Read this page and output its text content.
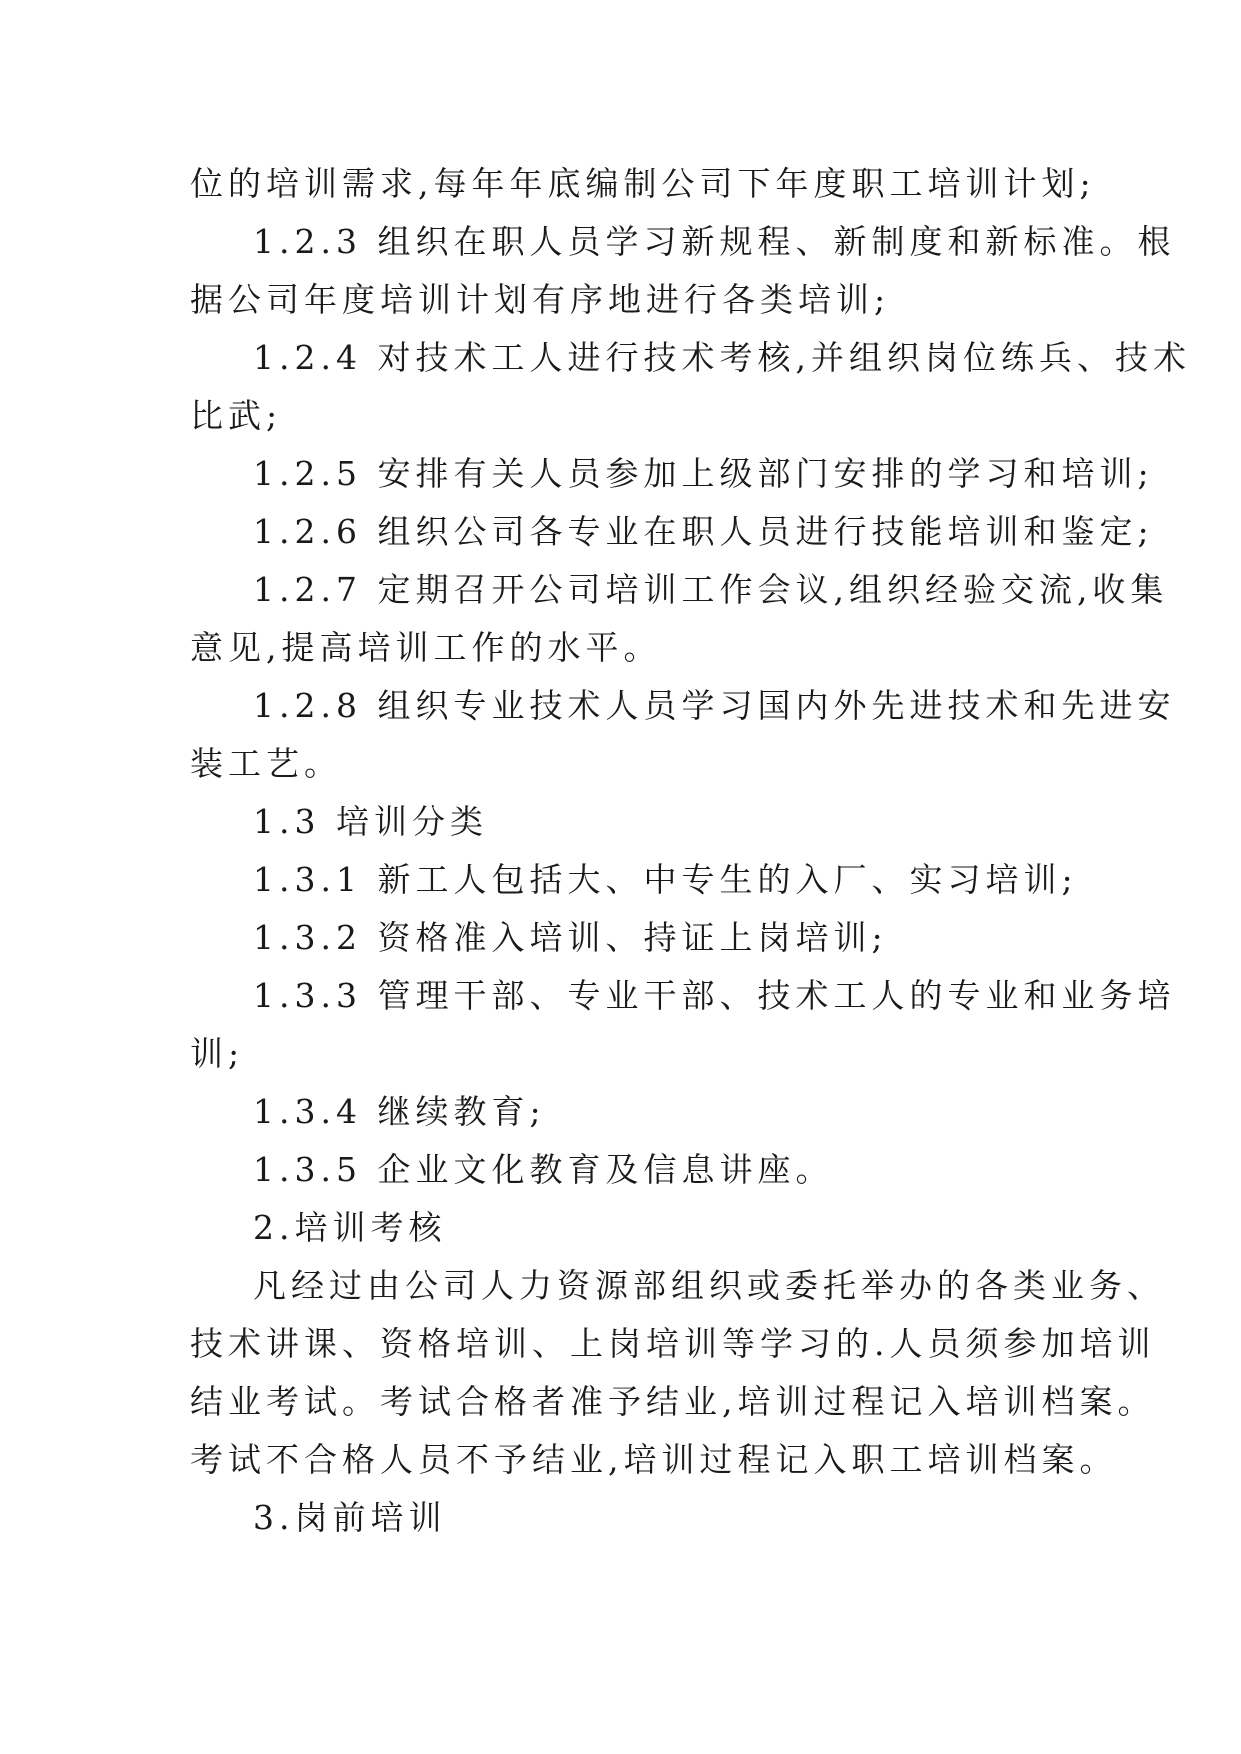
位的培训需求,每年年底编制公司下年度职工培训计划;
1.2.3 组织在职人员学习新规程、新制度和新标准。根
据公司年度培训计划有序地进行各类培训;
1.2.4 对技术工人进行技术考核,并组织岗位练兵、技术
比武;
1.2.5 安排有关人员参加上级部门安排的学习和培训;
1.2.6 组织公司各专业在职人员进行技能培训和鉴定;
1.2.7 定期召开公司培训工作会议,组织经验交流,收集
意见,提高培训工作的水平。
1.2.8 组织专业技术人员学习国内外先进技术和先进安
装工艺。
1.3 培训分类
1.3.1 新工人包括大、中专生的入厂、实习培训;
1.3.2 资格准入培训、持证上岗培训;
1.3.3 管理干部、专业干部、技术工人的专业和业务培
训;
1.3.4 继续教育;
1.3.5 企业文化教育及信息讲座。
2.培训考核
凡经过由公司人力资源部组织或委托举办的各类业务、
技术讲课、资格培训、上岗培训等学习的.人员须参加培训
结业考试。考试合格者准予结业,培训过程记入培训档案。
考试不合格人员不予结业,培训过程记入职工培训档案。
3.岗前培训
